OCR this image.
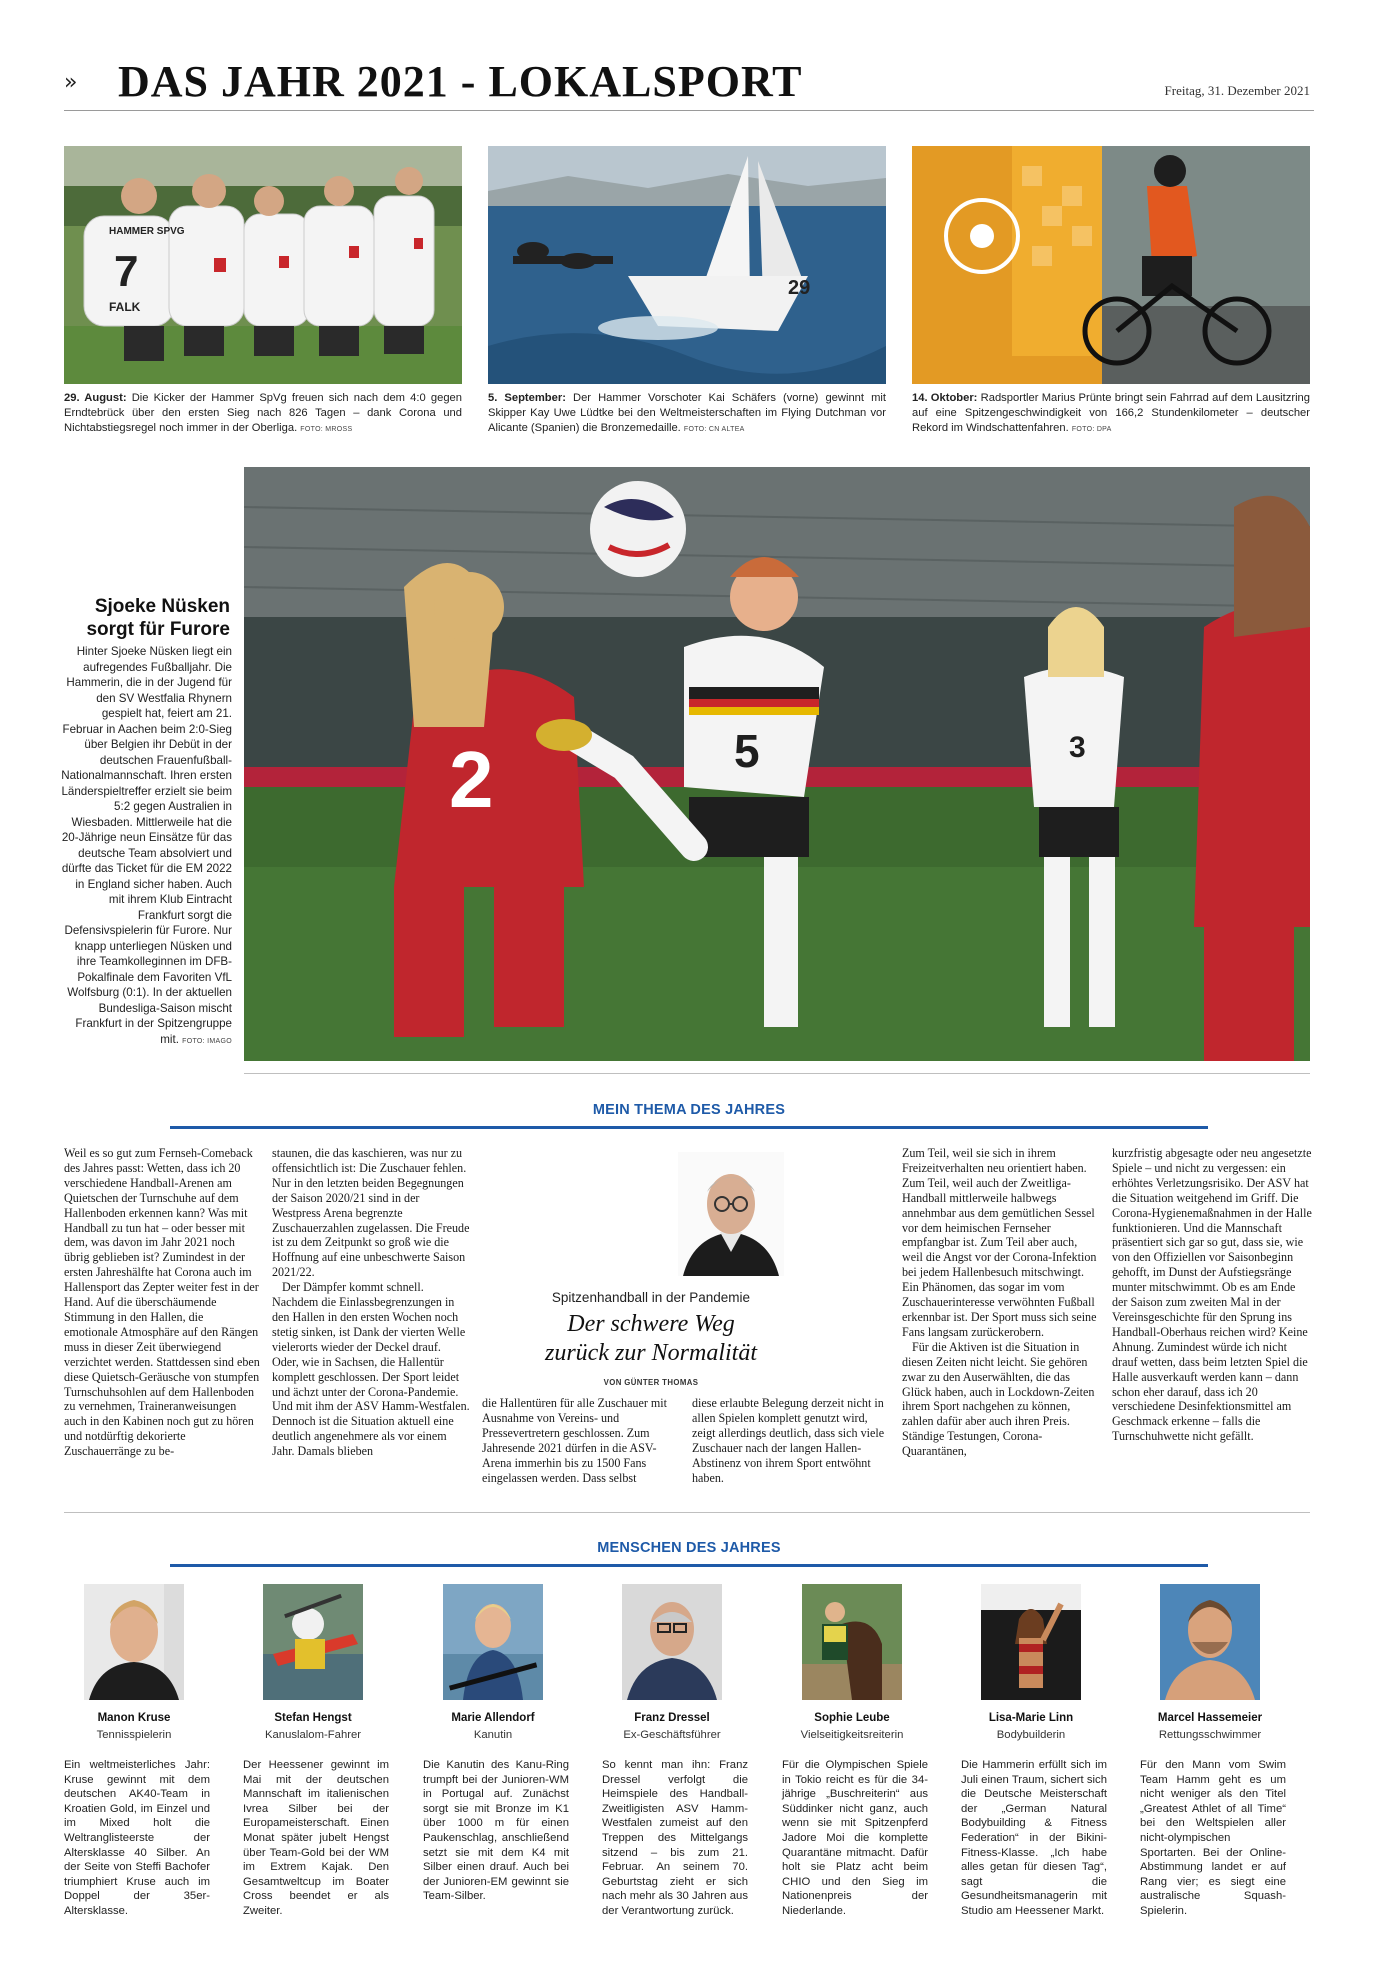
» DAS JAHR 2021 - LOKALSPORT	Freitag, 31. Dezember 2021
HAMMER SPVG
7
FALK
29. August: Die Kicker der Hammer SpVg freuen sich nach dem 4:0 gegen Erndtebrück über den ersten Sieg nach 826 Tagen – dank Corona und Nichtabstiegsregel noch immer in der Oberliga. FOTO: MROSS
29
5. September: Der Hammer Vorschoter Kai Schäfers (vorne) gewinnt mit Skipper Kay Uwe Lüdtke bei den Weltmeisterschaften im Flying Dutchman vor Alicante (Spanien) die Bronzemedaille. FOTO: CN ALTEA
14. Oktober: Radsportler Marius Prünte bringt sein Fahrrad auf dem Lausitzring auf eine Spitzengeschwindigkeit von 166,2 Stundenkilometer – deutscher Rekord im Windschattenfahren. FOTO: DPA
Sjoeke Nüsken
sorgt für Furore
Hinter Sjoeke Nüsken liegt ein aufregendes Fußballjahr. Die Hammerin, die in der Jugend für den SV Westfalia Rhynern gespielt hat, feiert am 21. Februar in Aachen beim 2:0-Sieg über Belgien ihr Debüt in der deutschen Frauenfußball-Nationalmannschaft. Ihren ersten Länderspieltreffer erzielt sie beim 5:2 gegen Australien in Wiesbaden. Mittlerweile hat die 20-Jährige neun Einsätze für das deutsche Team absolviert und dürfte das Ticket für die EM 2022 in England sicher haben. Auch mit ihrem Klub Eintracht Frankfurt sorgt die Defensivspielerin für Furore. Nur knapp unterliegen Nüsken und ihre Teamkolleginnen im DFB-Pokalfinale dem Favoriten VfL Wolfsburg (0:1). In der aktuellen Bundesliga-Saison mischt Frankfurt in der Spitzengruppe mit. FOTO: IMAGO
2	5	3
MEIN THEMA DES JAHRES
Weil es so gut zum Fernseh-Comeback des Jahres passt: Wetten, dass ich 20 verschiedene Handball-Arenen am Quietschen der Turnschuhe auf dem Hallenboden erkennen kann? Was mit Handball zu tun hat – oder besser mit dem, was davon im Jahr 2021 noch übrig geblieben ist? Zumindest in der ersten Jahreshälfte hat Corona auch im Hallensport das Zepter weiter fest in der Hand. Auf die überschäumende Stimmung in den Hallen, die emotionale Atmosphäre auf den Rängen muss in dieser Zeit überwiegend verzichtet werden. Stattdessen sind eben diese Quietsch-Geräusche von stumpfen Turnschuhsohlen auf dem Hallenboden zu vernehmen, Traineranweisungen auch in den Kabinen noch gut zu hören und notdürftig dekorierte Zuschauerränge zu be-
staunen, die das kaschieren, was nur zu offensichtlich ist: Die Zuschauer fehlen. Nur in den letzten beiden Begegnungen der Saison 2020/21 sind in der Westpress Arena begrenzte Zuschauerzahlen zugelassen. Die Freude ist zu dem Zeitpunkt so groß wie die Hoffnung auf eine unbeschwerte Saison 2021/22.
Der Dämpfer kommt schnell. Nachdem die Einlassbegrenzungen in den Hallen in den ersten Wochen noch stetig sinken, ist Dank der vierten Welle vielerorts wieder der Deckel drauf. Oder, wie in Sachsen, die Hallentür komplett geschlossen. Der Sport leidet und ächzt unter der Corona-Pandemie. Und mit ihm der ASV Hamm-Westfalen. Dennoch ist die Situation aktuell eine deutlich angenehmere als vor einem Jahr. Damals blieben
Spitzenhandball in der Pandemie
Der schwere Weg
zurück zur Normalität
VON GÜNTER THOMAS
die Hallentüren für alle Zuschauer mit Ausnahme von Vereins- und Pressevertretern geschlossen. Zum Jahresende 2021 dürfen in die ASV-Arena immerhin bis zu 1500 Fans eingelassen werden. Dass selbst
diese erlaubte Belegung derzeit nicht in allen Spielen komplett genutzt wird, zeigt allerdings deutlich, dass sich viele Zuschauer nach der langen Hallen-Abstinenz von ihrem Sport entwöhnt haben.
Zum Teil, weil sie sich in ihrem Freizeitverhalten neu orientiert haben. Zum Teil, weil auch der Zweitliga-Handball mittlerweile halbwegs annehmbar aus dem gemütlichen Sessel vor dem heimischen Fernseher empfangbar ist. Zum Teil aber auch, weil die Angst vor der Corona-Infektion bei jedem Hallenbesuch mitschwingt. Ein Phänomen, das sogar im vom Zuschauerinteresse verwöhnten Fußball erkennbar ist. Der Sport muss sich seine Fans langsam zurückerobern.
Für die Aktiven ist die Situation in diesen Zeiten nicht leicht. Sie gehören zwar zu den Auserwählten, die das Glück haben, auch in Lockdown-Zeiten ihrem Sport nachgehen zu können, zahlen dafür aber auch ihren Preis. Ständige Testungen, Corona-Quarantänen,
kurzfristig abgesagte oder neu angesetzte Spiele – und nicht zu vergessen: ein erhöhtes Verletzungsrisiko. Der ASV hat die Situation weitgehend im Griff. Die Corona-Hygienemaßnahmen in der Halle funktionieren. Und die Mannschaft präsentiert sich gar so gut, dass sie, wie von den Offiziellen vor Saisonbeginn gehofft, im Dunst der Aufstiegsränge munter mitschwimmt. Ob es am Ende der Saison zum zweiten Mal in der Vereinsgeschichte für den Sprung ins Handball-Oberhaus reichen wird? Keine Ahnung. Zumindest würde ich nicht drauf wetten, dass beim letzten Spiel die Halle ausverkauft werden kann – dann schon eher darauf, dass ich 20 verschiedene Desinfektionsmittel am Geschmack erkenne – falls die Turnschuhwette nicht gefällt.
MENSCHEN DES JAHRES
Manon Kruse
Tennisspielerin
Ein weltmeisterliches Jahr: Kruse gewinnt mit dem deutschen AK40-Team in Kroatien Gold, im Einzel und im Mixed holt die Weltranglisteerste der Altersklasse 40 Silber. An der Seite von Steffi Bachofer triumphiert Kruse auch im Doppel der 35er-Altersklasse.
Stefan Hengst
Kanuslalom-Fahrer
Der Heessener gewinnt im Mai mit der deutschen Mannschaft im italienischen Ivrea Silber bei der Europameisterschaft. Einen Monat später jubelt Hengst über Team-Gold bei der WM im Extrem Kajak. Den Gesamtweltcup im Boater Cross beendet er als Zweiter.
Marie Allendorf
Kanutin
Die Kanutin des Kanu-Ring trumpft bei der Junioren-WM in Portugal auf. Zunächst sorgt sie mit Bronze im K1 über 1000 m für einen Paukenschlag, anschließend setzt sie mit dem K4 mit Silber einen drauf. Auch bei der Junioren-EM gewinnt sie Team-Silber.
Franz Dressel
Ex-Geschäftsführer
So kennt man ihn: Franz Dressel verfolgt die Heimspiele des Handball-Zweitligisten ASV Hamm-Westfalen zumeist auf den Treppen des Mittelgangs sitzend – bis zum 21. Februar. An seinem 70. Geburtstag zieht er sich nach mehr als 30 Jahren aus der Verantwortung zurück.
Sophie Leube
Vielseitigkeitsreiterin
Für die Olympischen Spiele in Tokio reicht es für die 34-jährige „Buschreiterin“ aus Süddinker nicht ganz, auch wenn sie mit Spitzenpferd Jadore Moi die komplette Quarantäne mitmacht. Dafür holt sie Platz acht beim CHIO und den Sieg im Nationenpreis der Niederlande.
Lisa-Marie Linn
Bodybuilderin
Die Hammerin erfüllt sich im Juli einen Traum, sichert sich die Deutsche Meisterschaft der „German Natural Bodybuilding & Fitness Federation“ in der Bikini-Fitness-Klasse. „Ich habe alles getan für diesen Tag“, sagt die Gesundheitsmanagerin mit Studio am Heessener Markt.
Marcel Hassemeier
Rettungsschwimmer
Für den Mann vom Swim Team Hamm geht es um nicht weniger als den Titel „Greatest Athlet of all Time“ bei den Weltspielen aller nicht-olympischen Sportarten. Bei der Online-Abstimmung landet er auf Rang vier; es siegt eine australische Squash-Spielerin.
